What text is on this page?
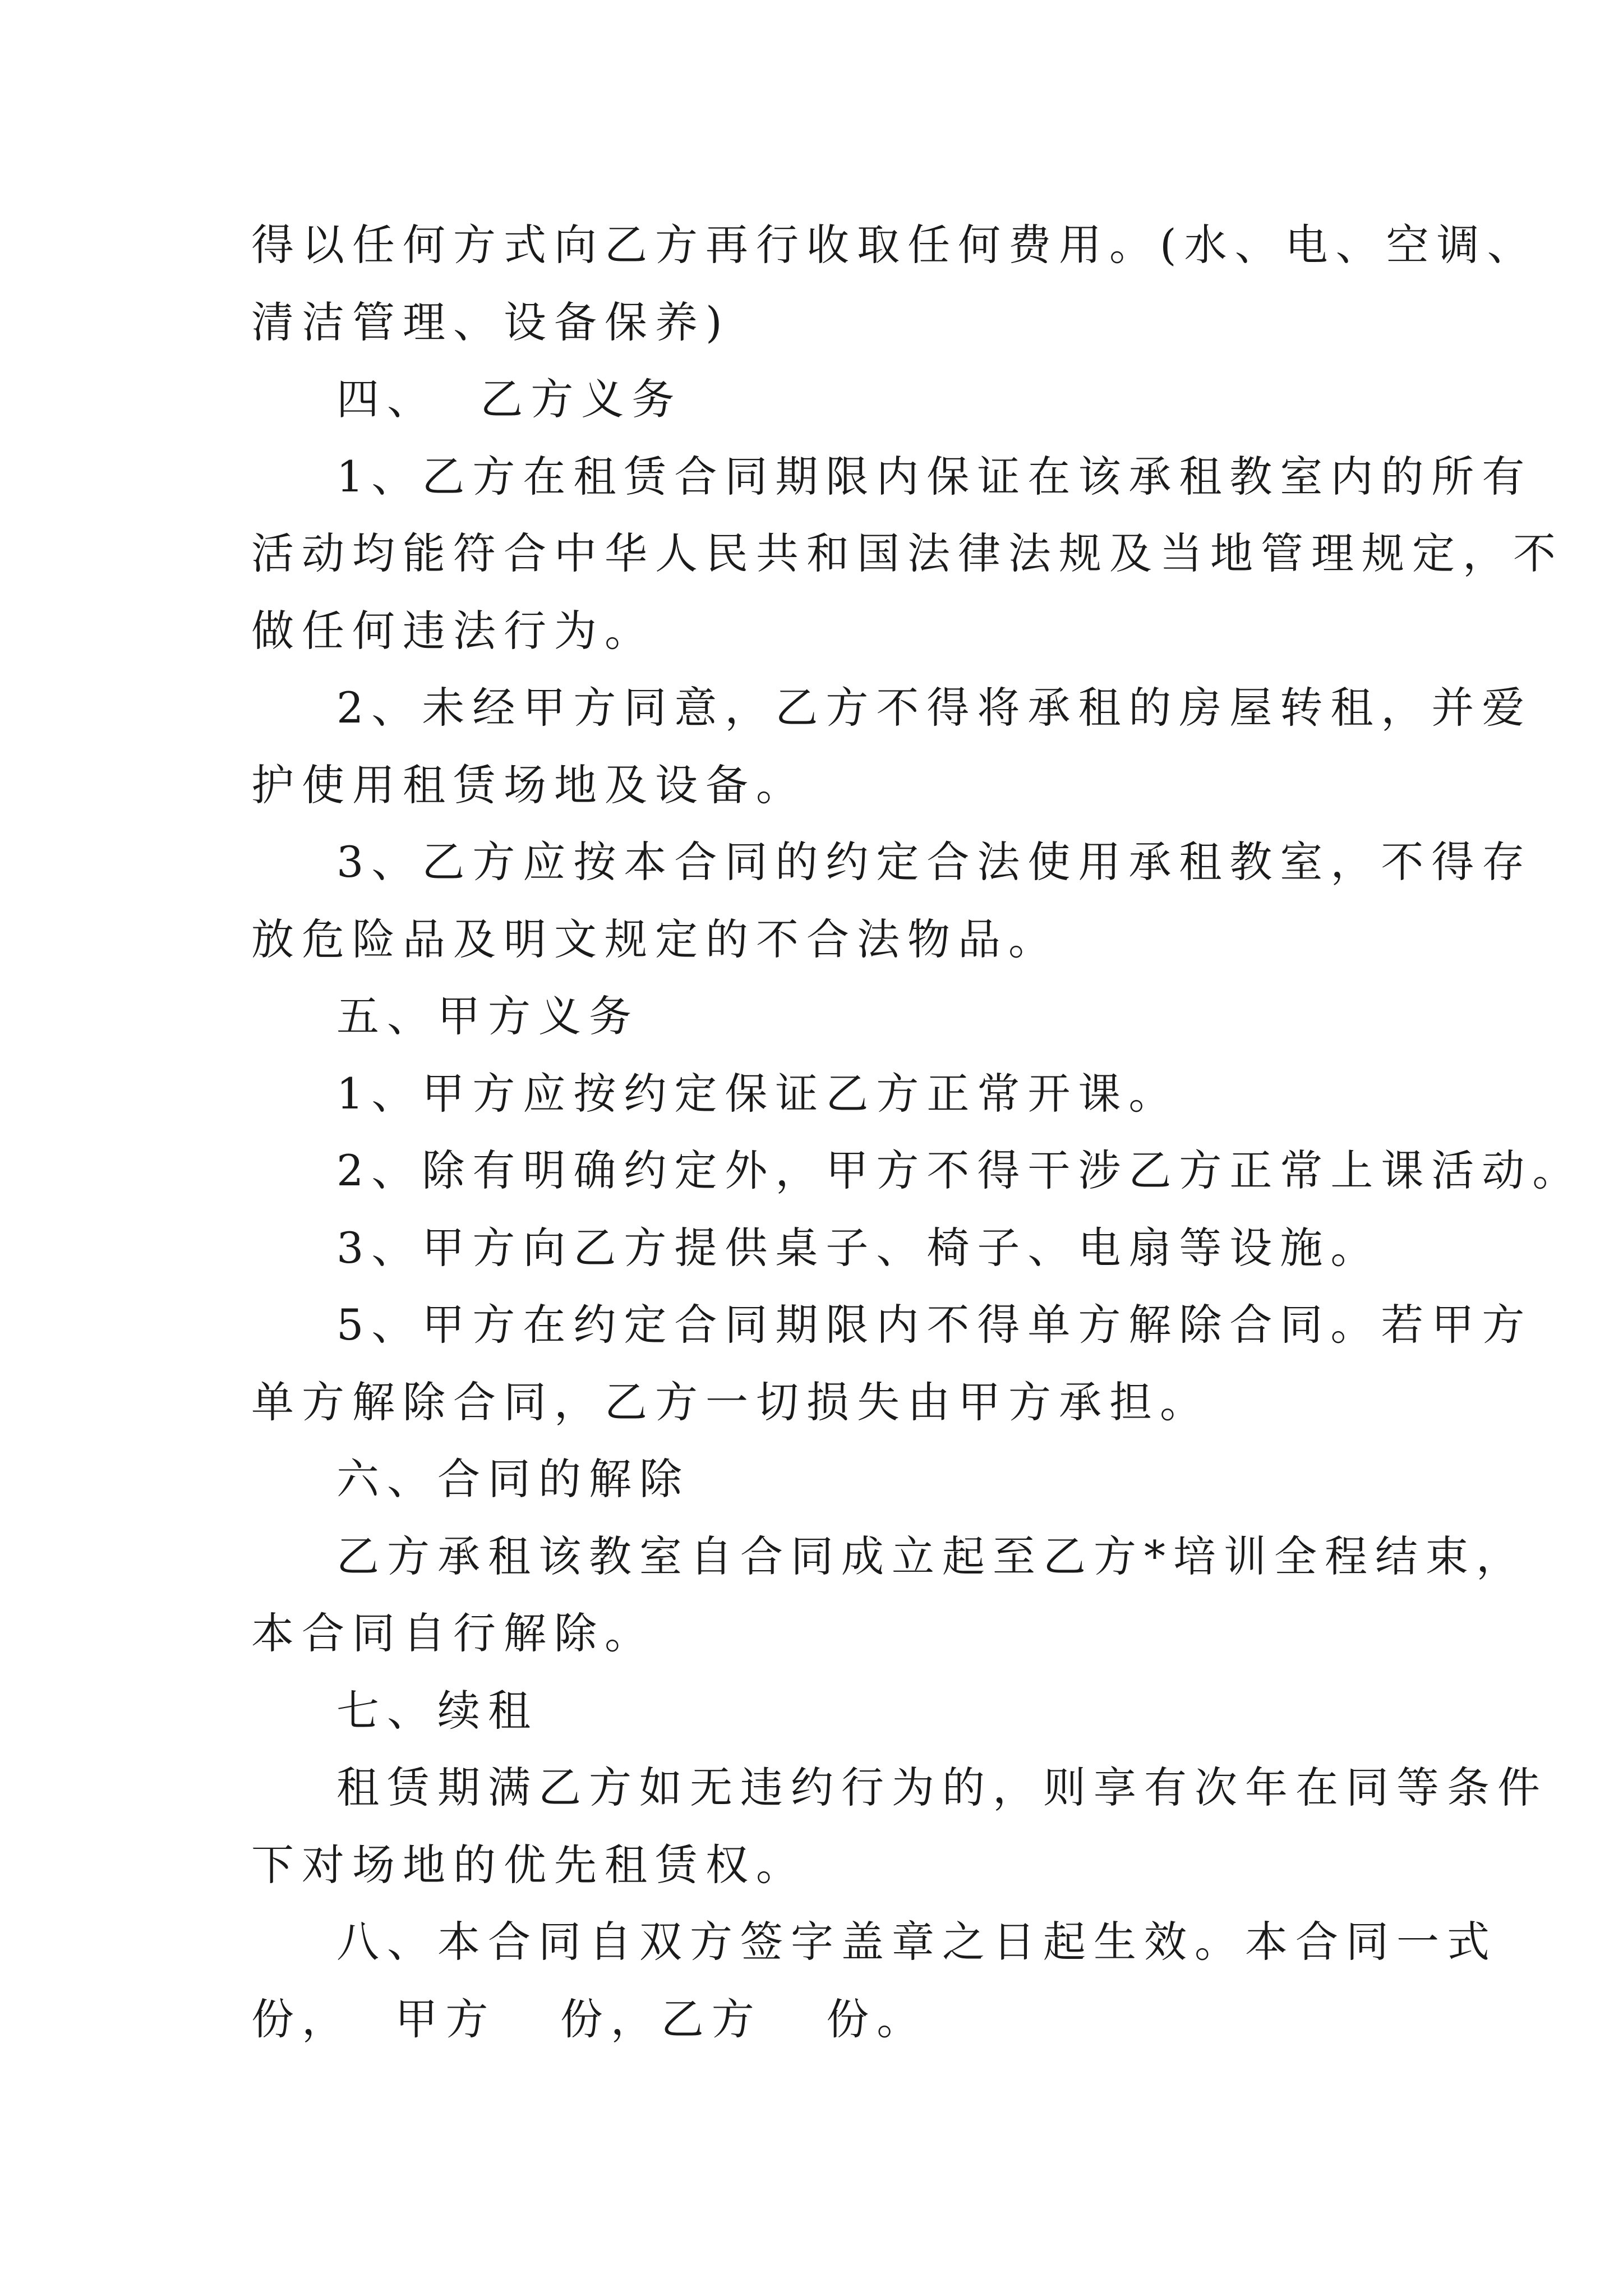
得以任何方式向乙方再行收取任何费用。(水、电、空调、
清洁管理、设备保养)
四、  乙方义务
1、乙方在租赁合同期限内保证在该承租教室内的所有
活动均能符合中华人民共和国法律法规及当地管理规定，不
做任何违法行为。
2、未经甲方同意，乙方不得将承租的房屋转租，并爱
护使用租赁场地及设备。
3、乙方应按本合同的约定合法使用承租教室，不得存
放危险品及明文规定的不合法物品。
五、甲方义务
1、甲方应按约定保证乙方正常开课。
2、除有明确约定外，甲方不得干涉乙方正常上课活动。
3、甲方向乙方提供桌子、椅子、电扇等设施。
5、甲方在约定合同期限内不得单方解除合同。若甲方
单方解除合同，乙方一切损失由甲方承担。
六、合同的解除
乙方承租该教室自合同成立起至乙方*培训全程结束，
本合同自行解除。
七、续租
租赁期满乙方如无违约行为的，则享有次年在同等条件
下对场地的优先租赁权。
八、本合同自双方签字盖章之日起生效。本合同一式
份，  甲方   份，乙方   份。
